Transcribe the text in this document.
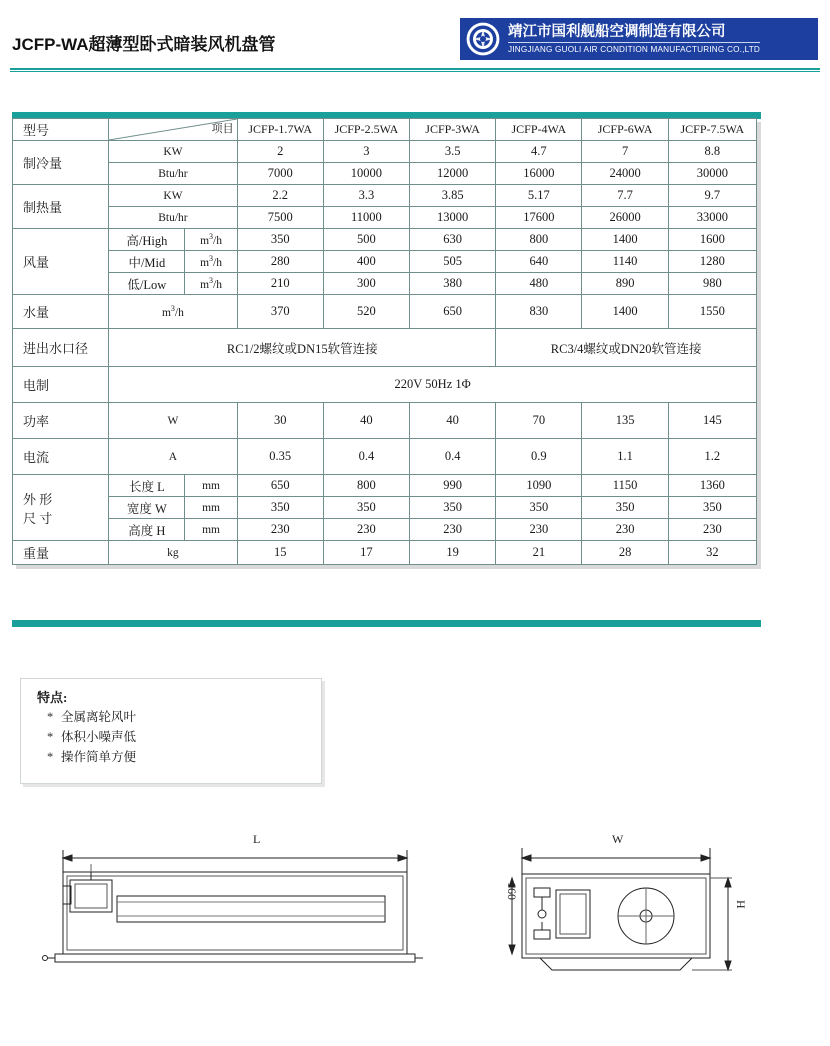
JCFP-WA超薄型卧式暗装风机盘管
靖江市国利舰船空调制造有限公司
JINGJIANG GUOLI AIR CONDITION MANUFACTURING CO.,LTD
型号	项目		JCFP-1.7WA	JCFP-2.5WA	JCFP-3WA	JCFP-4WA	JCFP-6WA	JCFP-7.5WA
制冷量	KW		2	3	3.5	4.7	7	8.8
	Btu/hr		7000	10000	12000	16000	24000	30000
制热量	KW		2.2	3.3	3.85	5.17	7.7	9.7
	Btu/hr		7500	11000	13000	17600	26000	33000
风量	高/High	$m^3/h$	350	500	630	800	1400	1600
	中/Mid	$m^3/h$	280	400	505	640	1140	1280
	低/Low	$m^3/h$	210	300	380	480	890	980
水量	$m^3/h$		370	520	650	830	1400	1550
进出水口径	RC1/2螺纹或DN15软管连接					RC3/4螺纹或DN20软管连接		
电制	220V 50Hz 1Φ							
功率	W		30	40	40	70	135	145
电流	A		0.35	0.4	0.4	0.9	1.1	1.2
外 形
尺 寸	长度 L	mm	650	800	990	1090	1150	1360
	宽度 W	mm	350	350	350	350	350	350
	高度 H	mm	230	230	230	230	230	230
重量	kg		15	17	19	21	28	32
特点:
* 全属离轮风叶
* 体积小噪声低
* 操作简单方便
L	W
160
H
